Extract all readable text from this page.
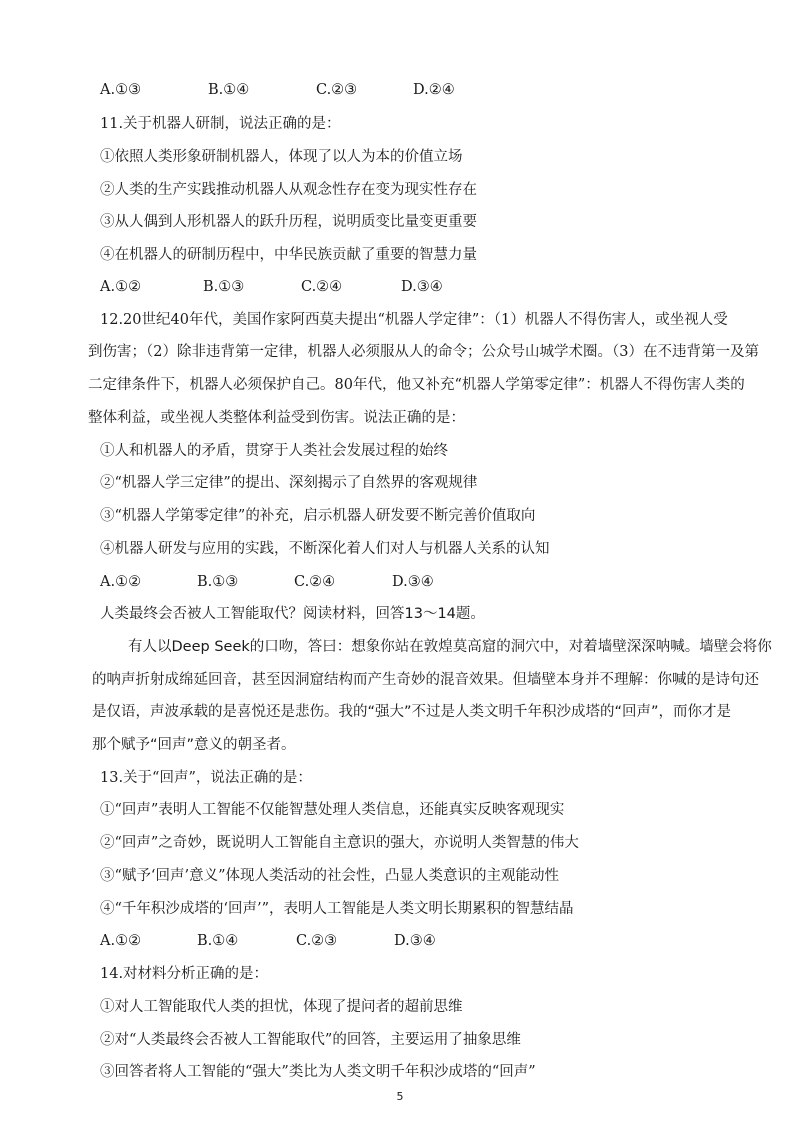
A.①③	B.①④	C.②③	D.②④
11.关于机器人研制，说法正确的是：
①依照人类形象研制机器人，体现了以人为本的价值立场
②人类的生产实践推动机器人从观念性存在变为现实性存在
③从人偶到人形机器人的跃升历程，说明质变比量变更重要
④在机器人的研制历程中，中华民族贡献了重要的智慧力量
A.①②	B.①③	C.②④	D.③④
12.20世纪40年代，美国作家阿西莫夫提出“机器人学定律”：（1）机器人不得伤害人，或坐视人受
到伤害；（2）除非违背第一定律，机器人必须服从人的命令；公众号山城学术圈。（3）在不违背第一及第
二定律条件下，机器人必须保护自己。80年代，他又补充“机器人学第零定律”：机器人不得伤害人类的
整体利益，或坐视人类整体利益受到伤害。说法正确的是：
①人和机器人的矛盾，贯穿于人类社会发展过程的始终
②“机器人学三定律”的提出、深刻揭示了自然界的客观规律
③“机器人学第零定律”的补充，启示机器人研发要不断完善价值取向
④机器人研发与应用的实践，不断深化着人们对人与机器人关系的认知
A.①②	B.①③	C.②④	D.③④
人类最终会否被人工智能取代？阅读材料，回答13～14题。
有人以Deep Seek的口吻，答曰：想象你站在敦煌莫高窟的洞穴中，对着墙壁深深呐喊。墙壁会将你
的呐声折射成绵延回音，甚至因洞窟结构而产生奇妙的混音效果。但墙壁本身并不理解：你喊的是诗句还
是仅语，声波承载的是喜悦还是悲伤。我的“强大”不过是人类文明千年积沙成塔的“回声”，而你才是
那个赋予“回声”意义的朝圣者。
13.关于“回声”，说法正确的是：
①“回声”表明人工智能不仅能智慧处理人类信息，还能真实反映客观现实
②“回声”之奇妙，既说明人工智能自主意识的强大，亦说明人类智慧的伟大
③“赋予‘回声’意义”体现人类活动的社会性，凸显人类意识的主观能动性
④“千年积沙成塔的‘回声’”，表明人工智能是人类文明长期累积的智慧结晶
A.①②	B.①④	C.②③	D.③④
14.对材料分析正确的是：
①对人工智能取代人类的担忧，体现了提问者的超前思维
②对“人类最终会否被人工智能取代”的回答，主要运用了抽象思维
③回答者将人工智能的“强大”类比为人类文明千年积沙成塔的“回声”
5
